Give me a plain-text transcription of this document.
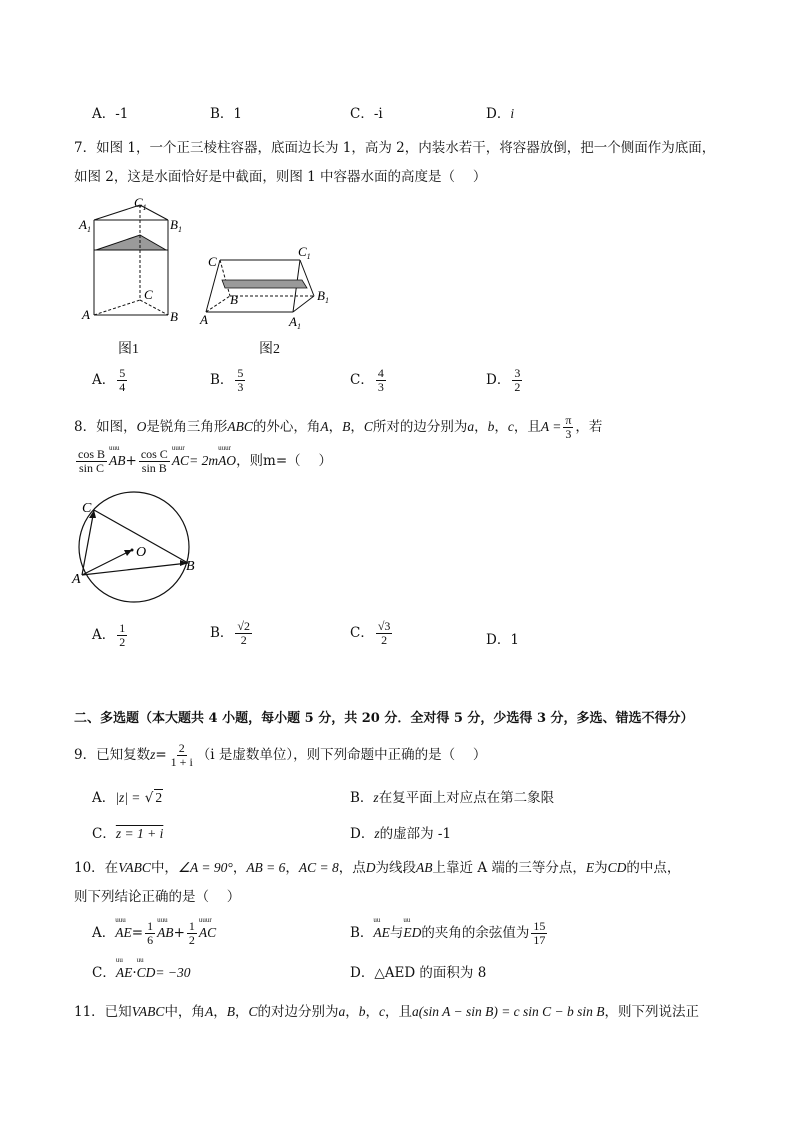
A．-1	B．1	C．-i	D．i
7．如图 1，一个正三棱柱容器，底面边长为 1，高为 2，内装水若干，将容器放倒，把一个侧面作为底面，
如图 2，这是水面恰好是中截面，则图 1 中容器水面的高度是（　 ）
$A_1$
$C_1$
$B_1$
C
A	B
图1
C
$C_1$
B	$B_1$
A	$A_1$
图2
A． $\frac{5}{4}$	B． $\frac{5}{3}$	C． $\frac{4}{3}$	D． $\frac{3}{2}$
8．如图，O是锐角三角形ABC的外心，角A，B，C所对的边分别为a，b，c，且$A = \frac{\pi}{3}$ ，若
$\frac{\text{cos B}}{\text{sin C}}$ uuu $AB+ \frac{\text{cos C}}{\text{sin B}}$ uuur AC= 2muuur AO，则m=（　 ）
C
O
A
B
A． $\frac{1}{2}$	B． $\frac{√2}{2}$	C． $\frac{√3}{2}$	D．1
二、多选题（本大题共 4 小题，每小题 5 分，共 20 分．全对得 5 分，少选得 3 分，多选、错选不得分）
9．已知复数$z= \frac{2}{1 + i} (i$ 是虚数单位），则下列命题中正确的是（　 ）
A．|z| = √ 2	B．z在复平面上对应点在第二象限
C．z = 1 + i	D．z的虚部为 -1
10．在VABC中，∠A = 90°，AB = 6，AC = 8，点D为线段AB上靠近 A 端的三等分点，E为CD的中点，
则下列结论正确的是（　 ）
A．uuu $AE= \frac{1}{6}$ uuu $AB+ \frac{1}{2}$ uuur AC	B．uu AE与uu ED的夹角的余弦值为 $\frac{15}{17}$
C．uu AE·uu CD= −30	D．△AED 的面积为 8
11．已知VABC中，角A，B，C的对边分别为a，b，c，且a(sin A − sin B) = c sin C − b sin B，则下列说法正
